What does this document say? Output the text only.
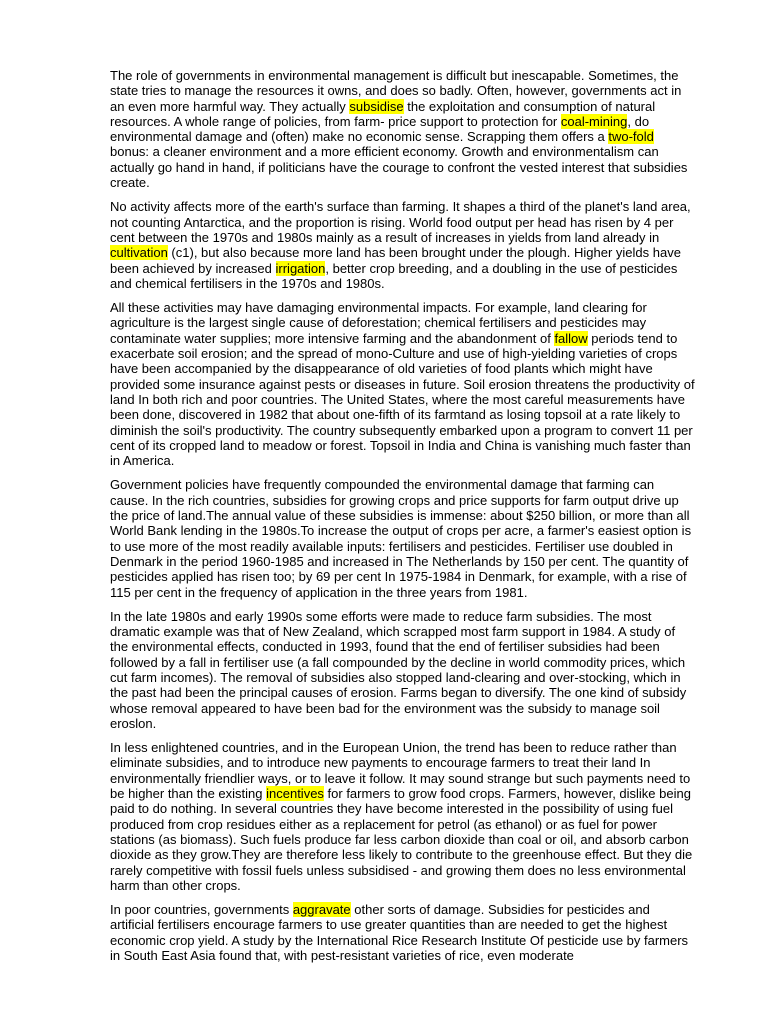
The role of governments in environmental management is difficult but inescapable. Sometimes, the state tries to manage the resources it owns, and does so badly. Often, however, governments act in an even more harmful way. They actually subsidise the exploitation and consumption of natural resources. A whole range of policies, from farm- price support to protection for coal-mining, do environmental damage and (often) make no economic sense. Scrapping them offers a two-fold bonus: a cleaner environment and a more efficient economy. Growth and environmentalism can actually go hand in hand, if politicians have the courage to confront the vested interest that subsidies create.

No activity affects more of the earth's surface than farming. It shapes a third of the planet's land area, not counting Antarctica, and the proportion is rising. World food output per head has risen by 4 per cent between the 1970s and 1980s mainly as a result of increases in yields from land already in cultivation (c1), but also because more land has been brought under the plough. Higher yields have been achieved by increased irrigation, better crop breeding, and a doubling in the use of pesticides and chemical fertilisers in the 1970s and 1980s.

All these activities may have damaging environmental impacts. For example, land clearing for agriculture is the largest single cause of deforestation; chemical fertilisers and pesticides may contaminate water supplies; more intensive farming and the abandonment of fallow periods tend to exacerbate soil erosion; and the spread of mono-Culture and use of high-yielding varieties of crops have been accompanied by the disappearance of old varieties of food plants which might have provided some insurance against pests or diseases in future. Soil erosion threatens the productivity of land In both rich and poor countries. The United States, where the most careful measurements have been done, discovered in 1982 that about one-fifth of its farmtand as losing topsoil at a rate likely to diminish the soil's productivity. The country subsequently embarked upon a program to convert 11 per cent of its cropped land to meadow or forest. Topsoil in India and China is vanishing much faster than in America.

Government policies have frequently compounded the environmental damage that farming can cause. In the rich countries, subsidies for growing crops and price supports for farm output drive up the price of land.The annual value of these subsidies is immense: about $250 billion, or more than all World Bank lending in the 1980s.To increase the output of crops per acre, a farmer's easiest option is to use more of the most readily available inputs: fertilisers and pesticides. Fertiliser use doubled in Denmark in the period 1960-1985 and increased in The Netherlands by 150 per cent. The quantity of pesticides applied has risen too; by 69 per cent In 1975-1984 in Denmark, for example, with a rise of 115 per cent in the frequency of application in the three years from 1981.

In the late 1980s and early 1990s some efforts were made to reduce farm subsidies. The most dramatic example was that of New Zealand, which scrapped most farm support in 1984. A study of the environmental effects, conducted in 1993, found that the end of fertiliser subsidies had been followed by a fall in fertiliser use (a fall compounded by the decline in world commodity prices, which cut farm incomes). The removal of subsidies also stopped land-clearing and over-stocking, which in the past had been the principal causes of erosion. Farms began to diversify. The one kind of subsidy whose removal appeared to have been bad for the environment was the subsidy to manage soil eroslon.

In less enlightened countries, and in the European Union, the trend has been to reduce rather than eliminate subsidies, and to introduce new payments to encourage farmers to treat their land In environmentally friendlier ways, or to leave it follow. It may sound strange but such payments need to be higher than the existing incentives for farmers to grow food crops. Farmers, however, dislike being paid to do nothing. In several countries they have become interested in the possibility of using fuel produced from crop residues either as a replacement for petrol (as ethanol) or as fuel for power stations (as biomass). Such fuels produce far less carbon dioxide than coal or oil, and absorb carbon dioxide as they grow.They are therefore less likely to contribute to the greenhouse effect. But they die rarely competitive with fossil fuels unless subsidised - and growing them does no less environmental harm than other crops.

In poor countries, governments aggravate other sorts of damage. Subsidies for pesticides and artificial fertilisers encourage farmers to use greater quantities than are needed to get the highest economic crop yield. A study by the International Rice Research Institute Of pesticide use by farmers in South East Asia found that, with pest-resistant varieties of rice, even moderate
